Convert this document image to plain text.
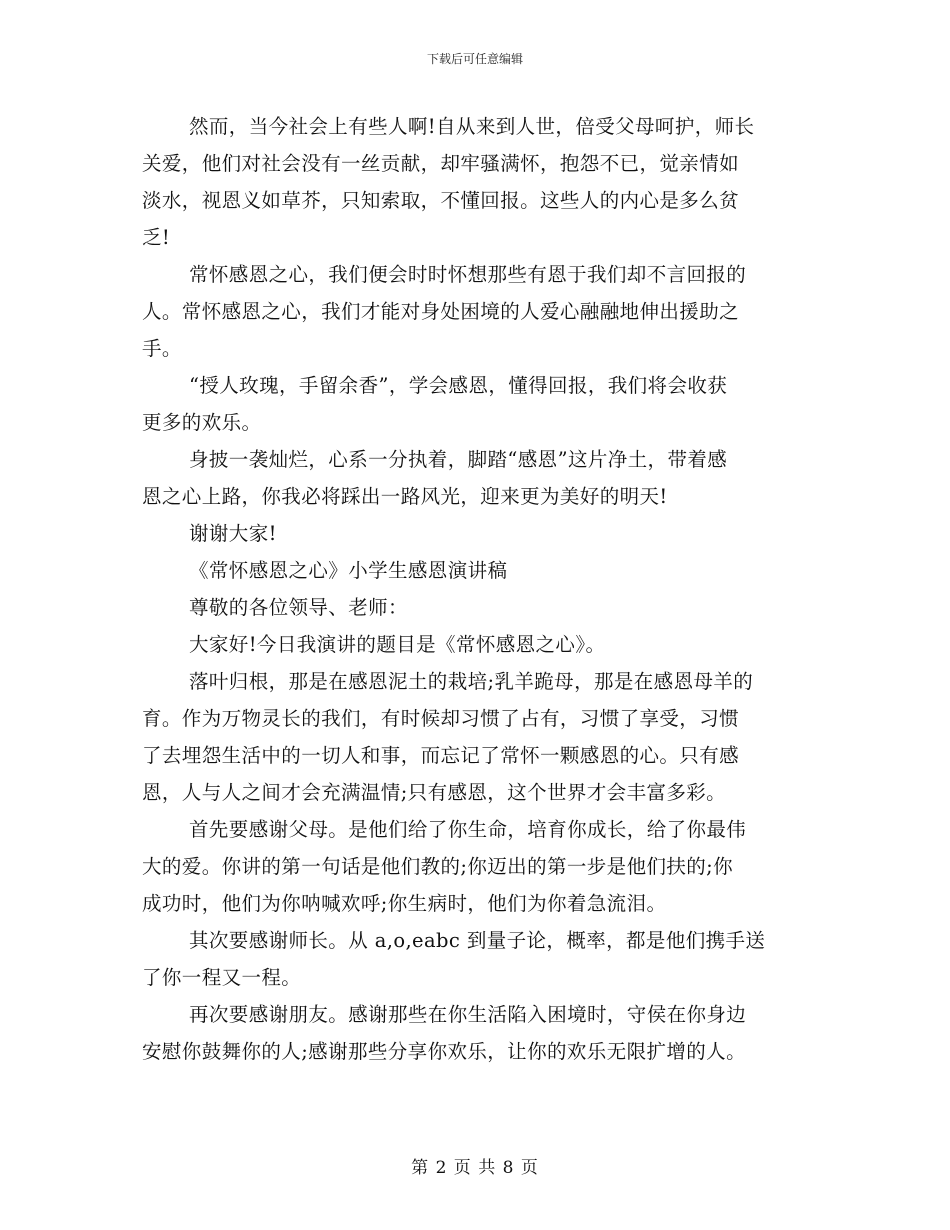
下载后可任意编辑
然而，当今社会上有些人啊!自从来到人世，倍受父母呵护，师长
关爱，他们对社会没有一丝贡献，却牢骚满怀，抱怨不已，觉亲情如
淡水，视恩义如草芥，只知索取，不懂回报。这些人的内心是多么贫
乏!
常怀感恩之心，我们便会时时怀想那些有恩于我们却不言回报的
人。常怀感恩之心，我们才能对身处困境的人爱心融融地伸出援助之
手。
“授人玫瑰，手留余香”，学会感恩，懂得回报，我们将会收获
更多的欢乐。
身披一袭灿烂，心系一分执着，脚踏“感恩”这片净土，带着感
恩之心上路，你我必将踩出一路风光，迎来更为美好的明天!
谢谢大家!
《常怀感恩之心》小学生感恩演讲稿
尊敬的各位领导、老师：
大家好!今日我演讲的题目是《常怀感恩之心》。
落叶归根，那是在感恩泥土的栽培;乳羊跪母，那是在感恩母羊的
育。作为万物灵长的我们，有时候却习惯了占有，习惯了享受，习惯
了去埋怨生活中的一切人和事，而忘记了常怀一颗感恩的心。只有感
恩，人与人之间才会充满温情;只有感恩，这个世界才会丰富多彩。
首先要感谢父母。是他们给了你生命，培育你成长，给了你最伟
大的爱。你讲的第一句话是他们教的;你迈出的第一步是他们扶的;你
成功时，他们为你呐喊欢呼;你生病时，他们为你着急流泪。
其次要感谢师长。从 a,o,eabc 到量子论，概率，都是他们携手送
了你一程又一程。
再次要感谢朋友。感谢那些在你生活陷入困境时，守侯在你身边
安慰你鼓舞你的人;感谢那些分享你欢乐，让你的欢乐无限扩增的人。
第 2 页 共 8 页
